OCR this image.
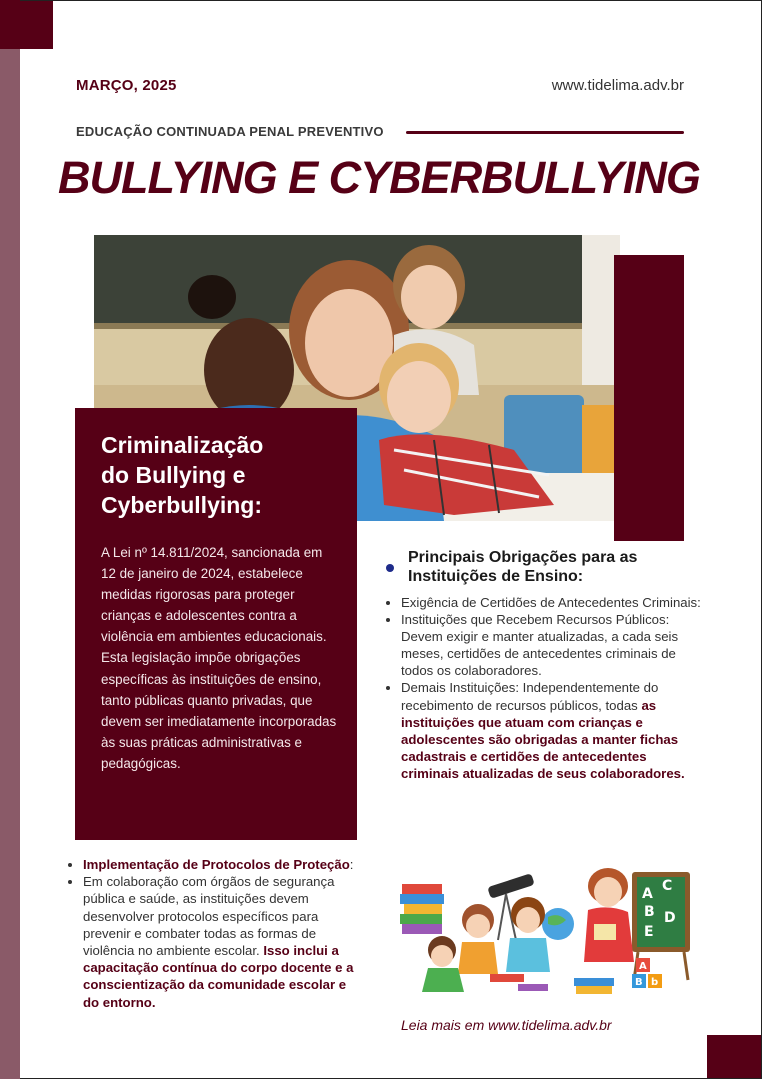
MARÇO, 2025	www.tidelima.adv.br
EDUCAÇÃO CONTINUADA PENAL PREVENTIVO
BULLYING E CYBERBULLYING
Criminalização
do Bullying e
Cyberbullying:
A Lei nº 14.811/2024, sancionada em 12 de janeiro de 2024, estabelece medidas rigorosas para proteger crianças e adolescentes contra a violência em ambientes educacionais. Esta legislação impõe obrigações específicas às instituições de ensino, tanto públicas quanto privadas, que devem ser imediatamente incorporadas às suas práticas administrativas e pedagógicas.
Principais Obrigações para as Instituições de Ensino:
• Exigência de Certidões de Antecedentes Criminais:
• Instituições que Recebem Recursos Públicos: Devem exigir e manter atualizadas, a cada seis meses, certidões de antecedentes criminais de todos os colaboradores.
• Demais Instituições: Independentemente do recebimento de recursos públicos, todas as instituições que atuam com crianças e adolescentes são obrigadas a manter fichas cadastrais e certidões de antecedentes criminais atualizadas de seus colaboradores.
• Implementação de Protocolos de Proteção:
• Em colaboração com órgãos de segurança pública e saúde, as instituições devem desenvolver protocolos específicos para prevenir e combater todas as formas de violência no ambiente escolar. Isso inclui a capacitação contínua do corpo docente e a conscientização da comunidade escolar e do entorno.
A C
B D
E
A
B b
Leia mais em www.tidelima.adv.br
